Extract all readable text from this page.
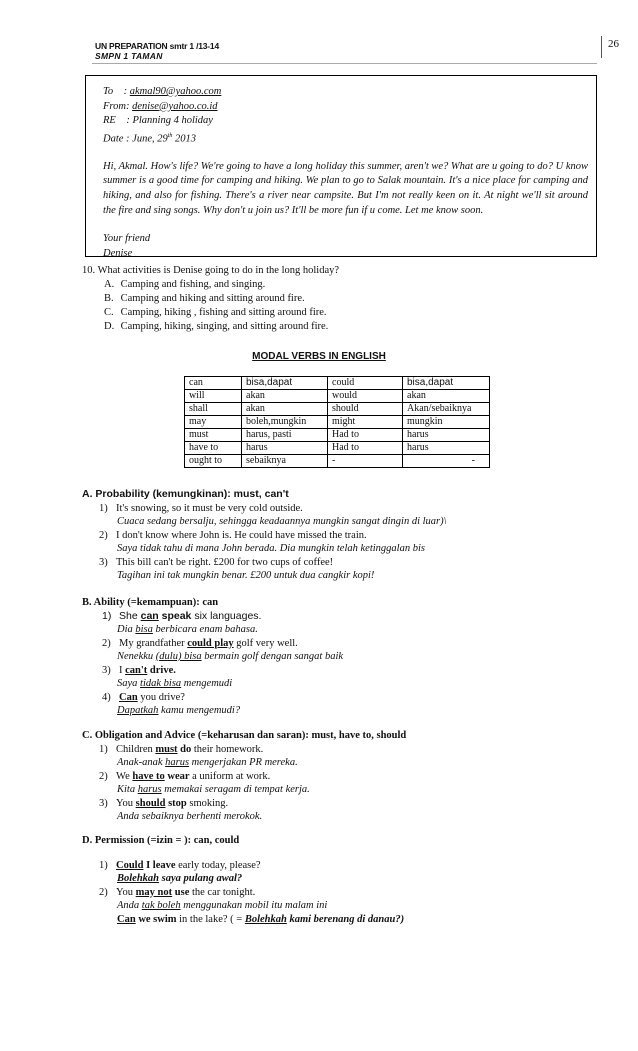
UN PREPARATION smtr 1 /13-14
SMPN 1 TAMAN
26

To    : akmal90@yahoo.com

From: denise@yahoo.co.id

RE    : Planning 4 holiday

Date : June, 29th 2013

Hi, Akmal. How's life? We're going to have a long holiday this summer, aren't we? What are u going to do? U know summer is a good time for camping and hiking. We plan to go to Salak mountain. It's a nice place for camping and hiking, and also for fishing. There's a river near campsite. But I'm not really keen on it. At night we'll sit around the fire and sing songs. Why don't u join us? It'll be more fun if u come. Let me know soon.

Your friend

Denise

10. What activities is Denise going to do in the long holiday?
A. Camping and fishing, and singing.
B. Camping and hiking and sitting around fire.
C. Camping, hiking , fishing and sitting around fire.
D. Camping, hiking, singing, and sitting around fire.
MODAL VERBS IN ENGLISH
can	bisa,dapat	could	bisa,dapat
will	akan	would	akan
shall	akan	should	Akan/sebaiknya
may	boleh,mungkin	might	mungkin
must	harus, pasti	Had to	harus
have to	harus	Had to	harus
ought to	sebaiknya	-	-
A. Probability (kemungkinan): must, can't
1) It's snowing, so it must be very cold outside.
Cuaca sedang bersalju, sehingga keadaannya mungkin sangat dingin di luar)\
2) I don't know where John is. He could have missed the train.
Saya tidak tahu di mana John berada. Dia mungkin telah ketinggalan bis
3) This bill can't be right. £200 for two cups of coffee!
Tagihan ini tak mungkin benar. £200 untuk dua cangkir kopi!
B. Ability (=kemampuan): can
1) She can speak six languages.
Dia bisa berbicara enam bahasa.
2) My grandfather could play golf very well.
Nenekku (dulu) bisa bermain golf dengan sangat baik
3) I can't drive.
Saya tidak bisa mengemudi
4) Can you drive?
Dapatkah kamu mengemudi?
C. Obligation and Advice (=keharusan dan saran): must, have to, should
1) Children must do their homework.
Anak-anak harus mengerjakan PR mereka.
2) We have to wear a uniform at work.
Kita harus memakai seragam di tempat kerja.
3) You should stop smoking.
Anda sebaiknya berhenti merokok.
D. Permission (=izin = ): can, could
1) Could I leave early today, please?
Bolehkah saya pulang awal?
2) You may not use the car tonight.
Anda tak boleh menggunakan mobil itu malam ini
Can we swim in the lake? ( = Bolehkah kami berenang di danau?)
